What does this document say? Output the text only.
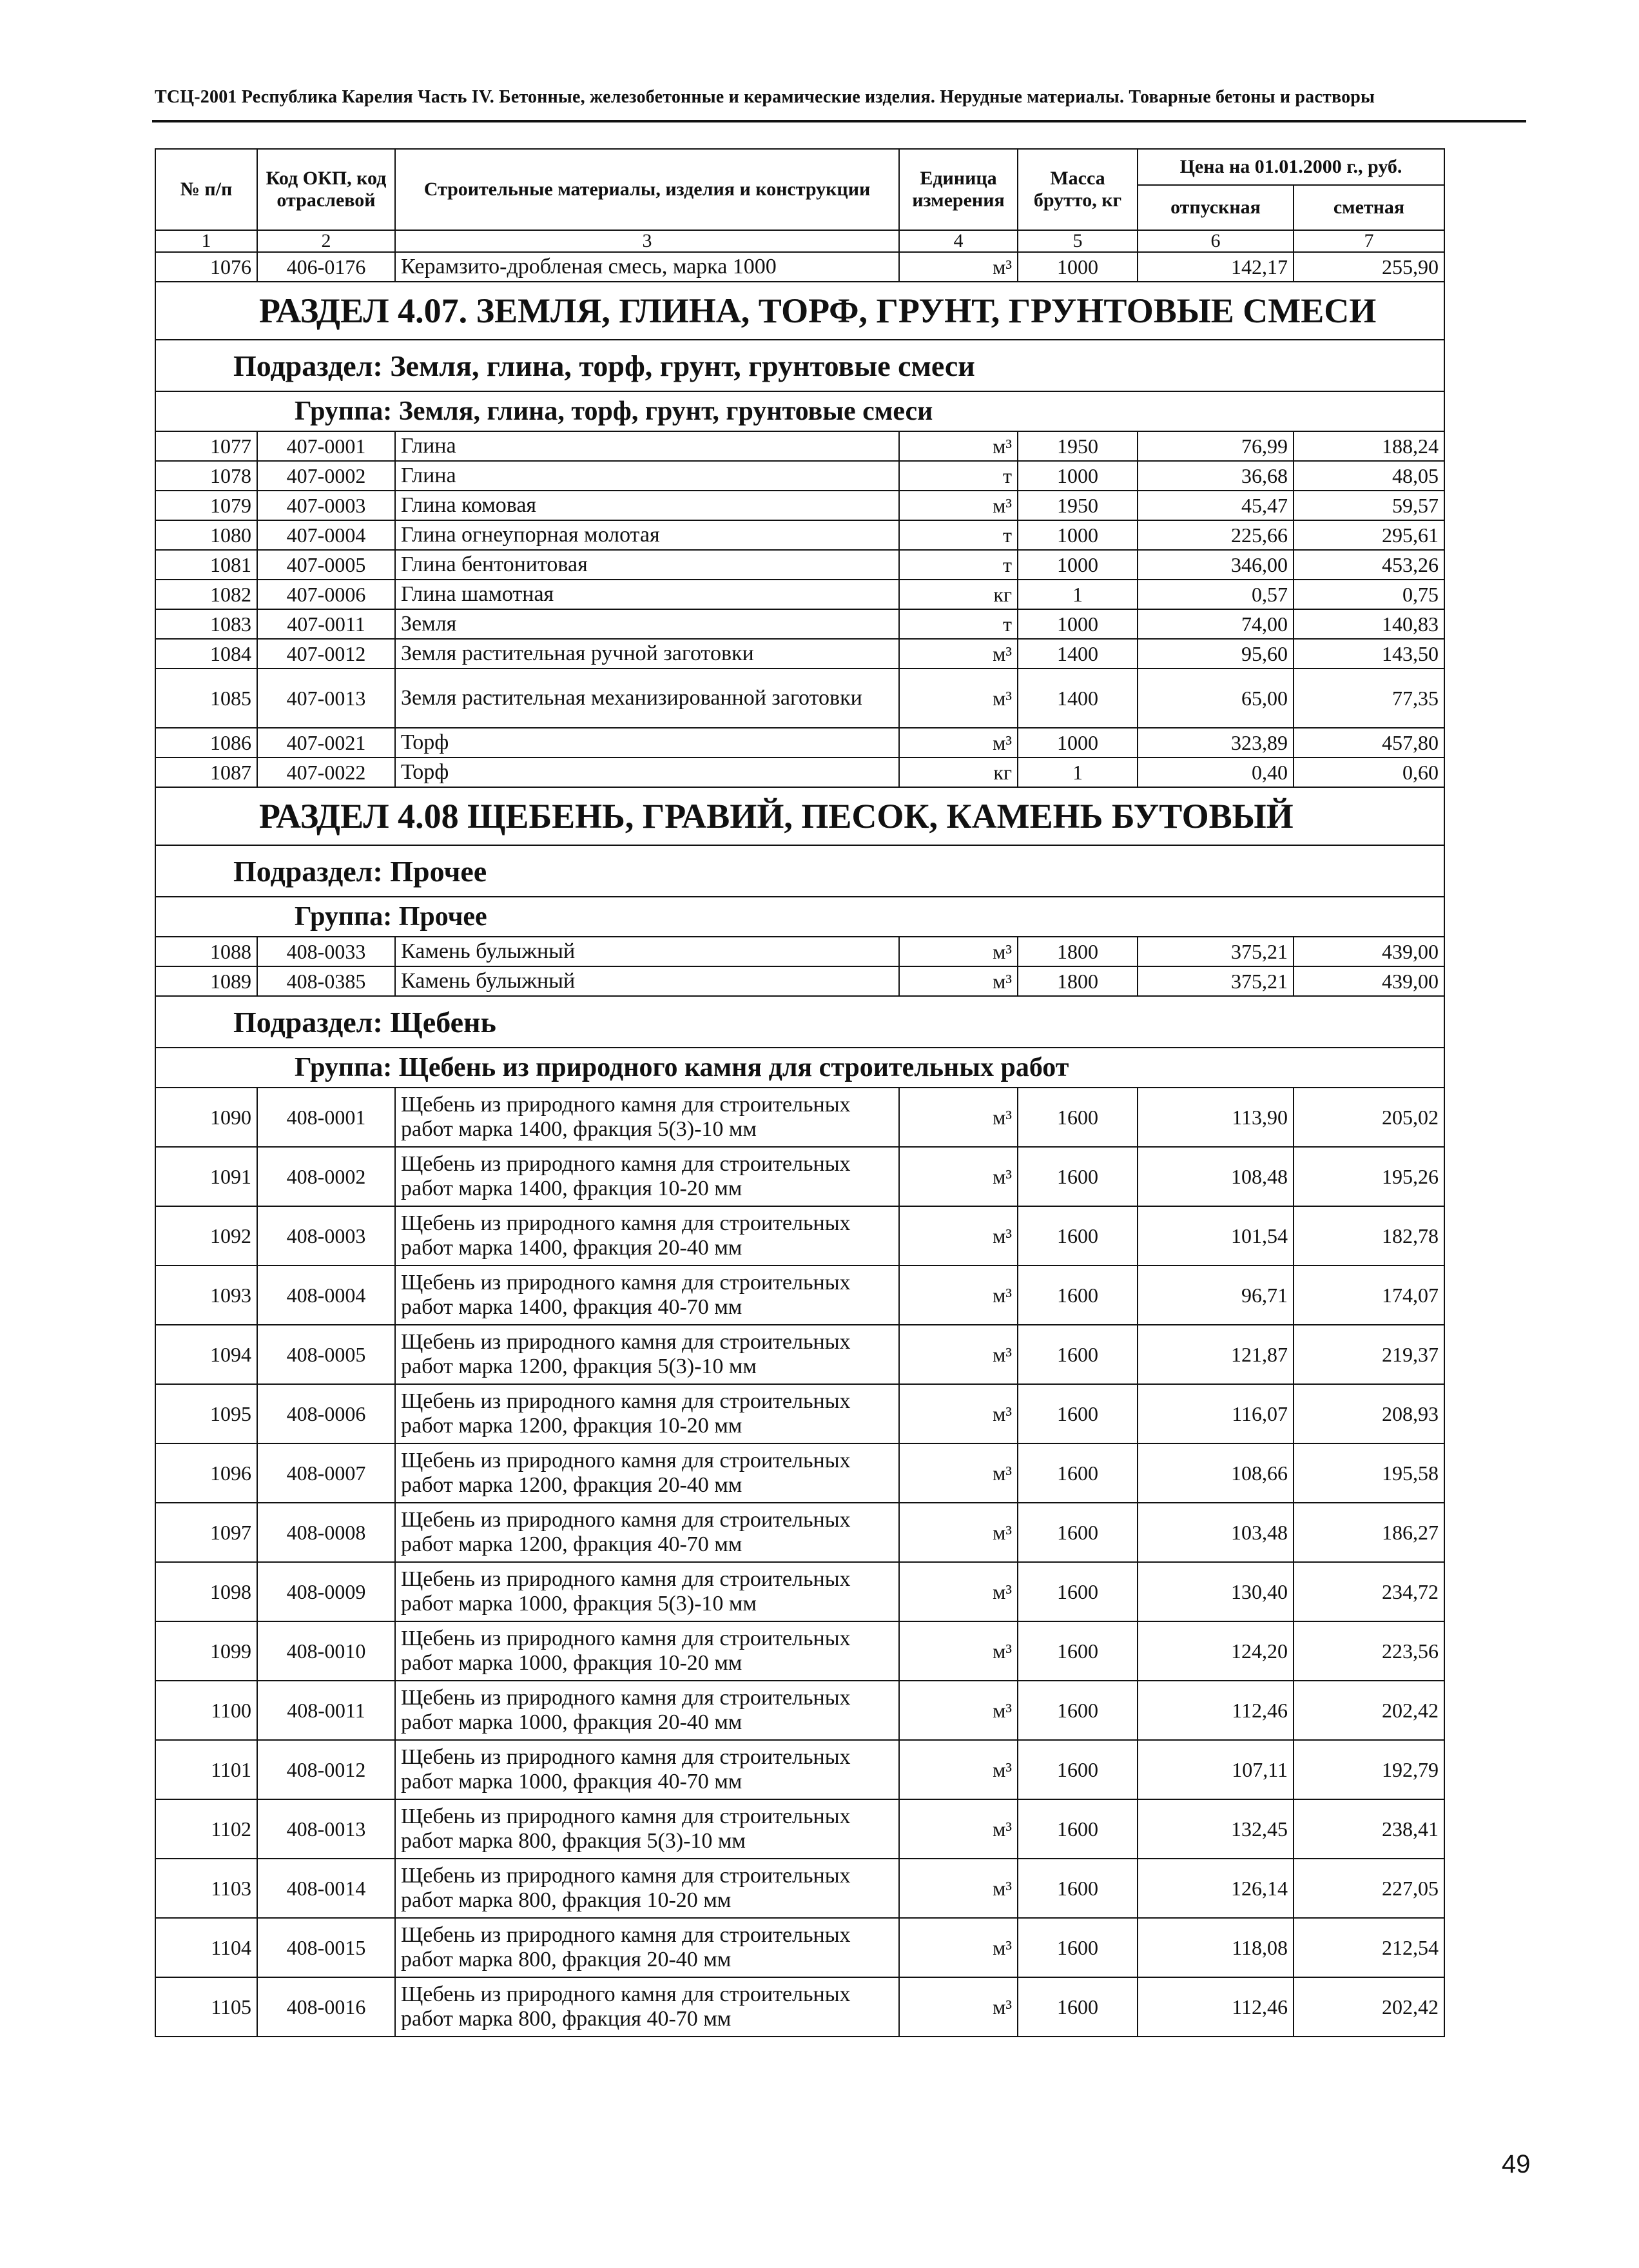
ТСЦ-2001 Республика Карелия Часть IV. Бетонные, железобетонные и керамические изделия. Нерудные материалы. Товарные бетоны и растворы
№ п/п	Код ОКП, код отраслевой	Строительные материалы, изделия и конструкции	Единица измерения	Масса брутто, кг	Цена на 01.01.2000 г., руб.	
					отпускная	сметная
1	2	3	4	5	6	7
1076	406-0176	Керамзито-дробленая смесь, марка 1000	м³	1000	142,17	255,90
РАЗДЕЛ 4.07. ЗЕМЛЯ, ГЛИНА, ТОРФ, ГРУНТ, ГРУНТОВЫЕ СМЕСИ						
Подраздел: Земля, глина, торф, грунт, грунтовые смеси						
Группа: Земля, глина, торф, грунт, грунтовые смеси						
1077	407-0001	Глина	м³	1950	76,99	188,24
1078	407-0002	Глина	т	1000	36,68	48,05
1079	407-0003	Глина комовая	м³	1950	45,47	59,57
1080	407-0004	Глина огнеупорная молотая	т	1000	225,66	295,61
1081	407-0005	Глина бентонитовая	т	1000	346,00	453,26
1082	407-0006	Глина шамотная	кг	1	0,57	0,75
1083	407-0011	Земля	т	1000	74,00	140,83
1084	407-0012	Земля растительная ручной заготовки	м³	1400	95,60	143,50
1085	407-0013	Земля растительная механизированной заготовки	м³	1400	65,00	77,35
1086	407-0021	Торф	м³	1000	323,89	457,80
1087	407-0022	Торф	кг	1	0,40	0,60
РАЗДЕЛ 4.08 ЩЕБЕНЬ, ГРАВИЙ, ПЕСОК, КАМЕНЬ БУТОВЫЙ						
Подраздел: Прочее						
Группа: Прочее						
1088	408-0033	Камень булыжный	м³	1800	375,21	439,00
1089	408-0385	Камень булыжный	м³	1800	375,21	439,00
Подраздел: Щебень						
Группа: Щебень из природного камня для строительных работ						
1090	408-0001	Щебень из природного камня для строительных работ марка 1400, фракция 5(3)-10 мм	м³	1600	113,90	205,02
1091	408-0002	Щебень из природного камня для строительных работ марка 1400, фракция 10-20 мм	м³	1600	108,48	195,26
1092	408-0003	Щебень из природного камня для строительных работ марка 1400, фракция 20-40 мм	м³	1600	101,54	182,78
1093	408-0004	Щебень из природного камня для строительных работ марка 1400, фракция 40-70 мм	м³	1600	96,71	174,07
1094	408-0005	Щебень из природного камня для строительных работ марка 1200, фракция 5(3)-10 мм	м³	1600	121,87	219,37
1095	408-0006	Щебень из природного камня для строительных работ марка 1200, фракция 10-20 мм	м³	1600	116,07	208,93
1096	408-0007	Щебень из природного камня для строительных работ марка 1200, фракция 20-40 мм	м³	1600	108,66	195,58
1097	408-0008	Щебень из природного камня для строительных работ марка 1200, фракция 40-70 мм	м³	1600	103,48	186,27
1098	408-0009	Щебень из природного камня для строительных работ марка 1000, фракция 5(3)-10 мм	м³	1600	130,40	234,72
1099	408-0010	Щебень из природного камня для строительных работ марка 1000, фракция 10-20 мм	м³	1600	124,20	223,56
1100	408-0011	Щебень из природного камня для строительных работ марка 1000, фракция 20-40 мм	м³	1600	112,46	202,42
1101	408-0012	Щебень из природного камня для строительных работ марка 1000, фракция 40-70 мм	м³	1600	107,11	192,79
1102	408-0013	Щебень из природного камня для строительных работ марка 800, фракция 5(3)-10 мм	м³	1600	132,45	238,41
1103	408-0014	Щебень из природного камня для строительных работ марка 800, фракция 10-20 мм	м³	1600	126,14	227,05
1104	408-0015	Щебень из природного камня для строительных работ марка 800, фракция 20-40 мм	м³	1600	118,08	212,54
1105	408-0016	Щебень из природного камня для строительных работ марка 800, фракция 40-70 мм	м³	1600	112,46	202,42
49
